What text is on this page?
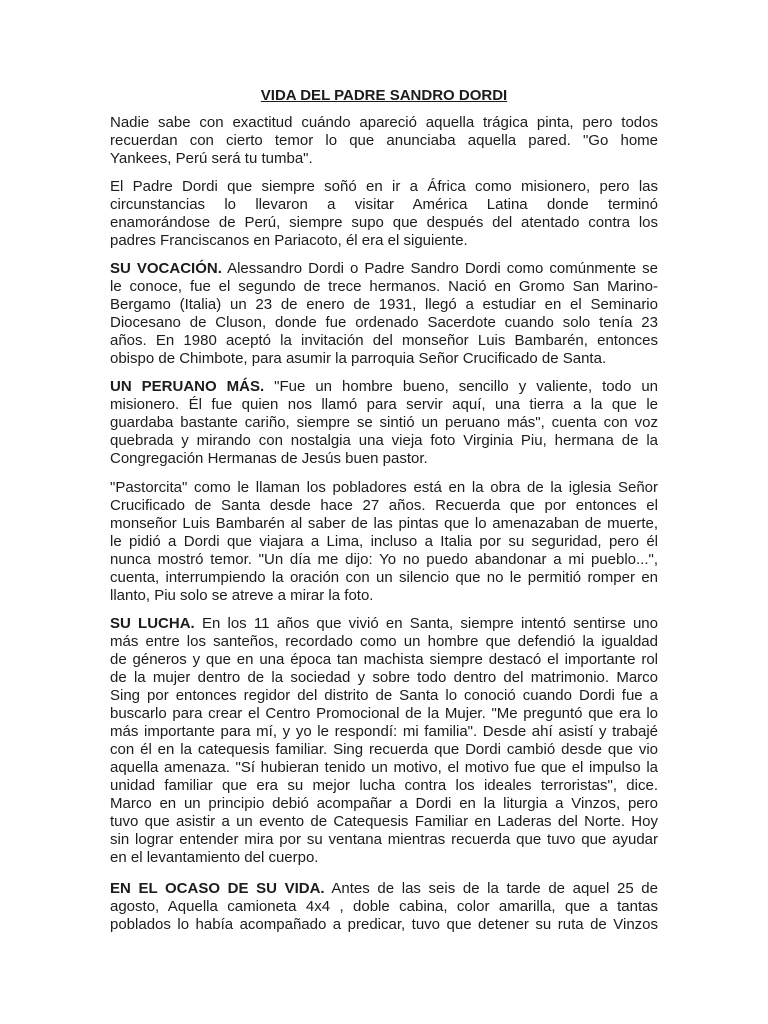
VIDA DEL PADRE SANDRO DORDI
Nadie sabe con exactitud cuándo apareció aquella trágica pinta, pero todos
recuerdan con cierto temor lo que anunciaba aquella pared. "Go home
Yankees, Perú será tu tumba".
El Padre Dordi que siempre soñó en ir a África como misionero, pero las
circunstancias lo llevaron a visitar América Latina donde terminó
enamorándose de Perú, siempre supo que después del atentado contra los
padres Franciscanos en Pariacoto, él era el siguiente.
SU VOCACIÓN. Alessandro Dordi o Padre Sandro Dordi como comúnmente se
le conoce, fue el segundo de trece hermanos. Nació en Gromo San Marino-
Bergamo (Italia) un 23 de enero de 1931, llegó a estudiar en el Seminario
Diocesano de Cluson, donde fue ordenado Sacerdote cuando solo tenía 23
años. En 1980 aceptó la invitación del monseñor Luis Bambarén, entonces
obispo de Chimbote, para asumir la parroquia Señor Crucificado de Santa.
UN PERUANO MÁS. "Fue un hombre bueno, sencillo y valiente, todo un
misionero. Él fue quien nos llamó para servir aquí, una tierra a la que le
guardaba bastante cariño, siempre se sintió un peruano más", cuenta con voz
quebrada y mirando con nostalgia una vieja foto Virginia Piu, hermana de la
Congregación Hermanas de Jesús buen pastor.
"Pastorcita" como le llaman los pobladores está en la obra de la iglesia Señor
Crucificado de Santa desde hace 27 años. Recuerda que por entonces el
monseñor Luis Bambarén al saber de las pintas que lo amenazaban de muerte,
le pidió a Dordi que viajara a Lima, incluso a Italia por su seguridad, pero él
nunca mostró temor. "Un día me dijo: Yo no puedo abandonar a mi pueblo...",
cuenta, interrumpiendo la oración con un silencio que no le permitió romper en
llanto, Piu solo se atreve a mirar la foto.
SU LUCHA. En los 11 años que vivió en Santa, siempre intentó sentirse uno
más entre los santeños, recordado como un hombre que defendió la igualdad
de géneros y que en una época tan machista siempre destacó el importante rol
de la mujer dentro de la sociedad y sobre todo dentro del matrimonio. Marco
Sing por entonces regidor del distrito de Santa lo conoció cuando Dordi fue a
buscarlo para crear el Centro Promocional de la Mujer. "Me preguntó que era lo
más importante para mí, y yo le respondí: mi familia". Desde ahí asistí y trabajé
con él en la catequesis familiar. Sing recuerda que Dordi cambió desde que vio
aquella amenaza. "Sí hubieran tenido un motivo, el motivo fue que el impulso la
unidad familiar que era su mejor lucha contra los ideales terroristas", dice.
Marco en un principio debió acompañar a Dordi en la liturgia a Vinzos, pero
tuvo que asistir a un evento de Catequesis Familiar en Laderas del Norte. Hoy
sin lograr entender mira por su ventana mientras recuerda que tuvo que ayudar
en el levantamiento del cuerpo.
EN EL OCASO DE SU VIDA. Antes de las seis de la tarde de aquel 25 de
agosto, Aquella camioneta 4x4 , doble cabina, color amarilla, que a tantas
poblados lo había acompañado a predicar, tuvo que detener su ruta de Vinzos
